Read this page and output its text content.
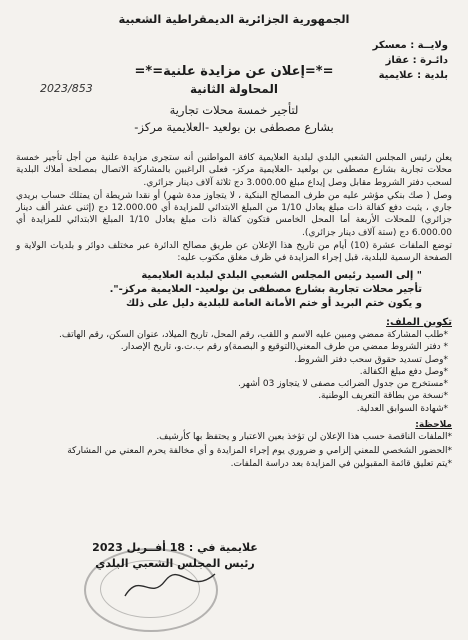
الجمهورية الجزائرية الديمقراطية الشعبية
ولايــة : معسكر
دائـرة : عقاز
بلدية : علايمية
2023/853
=*=إعلان عن مزايدة علنية=*=
المحاولة الثانية
لتأجير خمسة محلات تجارية
بشارع مصطفى بن بولعيد -العلايمية مركز-

يعلن رئيس المجلس الشعبي البلدي لبلدية العلايمية كافة المواطنين أنه ستجرى مزايدة علنية من أجل تأجير خمسة محلات تجارية بشارع مصطفى بن بولعيد -العلايمية مركز- فعلى الراغبين بالمشاركة الاتصال بمصلحة أملاك البلدية لسحب دفتر الشروط مقابل وصل إيداع مبلغ 3.000.00 دج ثلاثة آلاف دينار جزائري.

وصل ( صك بنكي مؤشر عليه من طرف المصالح البنكية ، لا يتجاوز مدة شهر) أو نقدا شريطة أن يمتلك حساب بريدي جاري ، يثبت دفع كفالة ذات مبلغ يعادل 1/10 من المبلغ الابتدائي للمزايدة أي 12.000.00 دج (إثنى عشر ألف دينار جزائري) للمحلات الأربعة أما المحل الخامس فتكون كفالة ذات مبلغ يعادل 1/10 المبلغ الابتدائي للمزايدة أي 6.000.00 دج (ستة آلاف دينار جزائري).

توضع الملفات عشرة (10) أيام من تاريخ هذا الإعلان عن طريق مصالح الدائرة عبر مختلف دوائر و بلديات الولاية و الصفحة الرسمية للبلدية، قبل إجراء المزايدة في ظرف مغلق مكتوب عليه:

" إلى السيد رئيس المجلس الشعبي البلدي لبلدية العلايمية
تأجير محلات تجارية بشارع مصطفى بن بولعيد- العلايمية مركز-".
و يكون ختم البريد أو ختم الأمانة العامة للبلدية دليل على ذلك
تكوين الملف:

*طلب المشاركة ممضي ومبين عليه الاسم و اللقب، رقم المحل، تاريخ الميلاد، عنوان السكن، رقم الهاتف.

* دفتر الشروط ممضي من طرف المعني(التوقيع و البصمة)و رقم ب.ت.و، تاريخ الإصدار.

*وصل تسديد حقوق سحب دفتر الشروط.

*وصل دفع مبلغ الكفالة.

*مستخرج من جدول الضرائب مصفى لا يتجاوز 03 أشهر.

*نسخة من بطاقة التعريف الوطنية.

*شهادة السوابق العدلية.

ملاحظة:

*الملفات الناقصة حسب هذا الإعلان لن تؤخذ بعين الاعتبار و يحتفظ بها كأرشيف.

*الحضور الشخصي للمعني إلزامي و ضروري يوم إجراء المزايدة و أي مخالفة يحرم المعني من المشاركة

*يتم تعليق قائمة المقبولين في المزايدة بعد دراسة الملفات.

علايمية في : 18 أفــريل 2023
رئيس المجلس الشعبي البلدي
